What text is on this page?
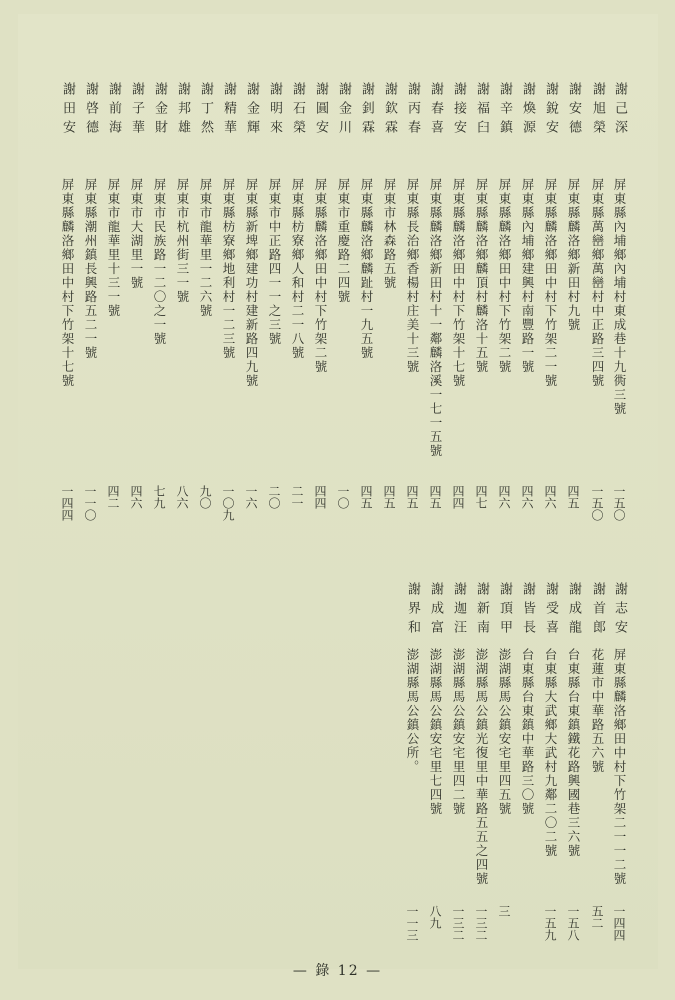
謝己深
屏東縣內埔鄉內埔村東成巷十九衖三號
一五〇
謝旭榮
屏東縣萬巒鄉萬巒村中正路三四號
一五〇
謝安德
屏東縣麟洛鄉新田村九號
四五
謝銳安
屏東縣麟洛鄉田中村下竹架二一號
四六
謝煥源
屏東縣內埔鄉建興村南豐路一號
四六
謝辛鎮
屏東縣麟洛鄉田中村下竹架二號
四六
謝福臼
屏東縣麟洛鄉麟頂村麟洛十五號
四七
謝接安
屏東縣麟洛鄉田中村下竹架十七號
四四
謝春喜
屏東縣麟洛鄉新田村十一鄰麟洛溪一七一五號
四五
謝丙春
屏東縣長治鄉香楊村庄美十三號
四五
謝欽霖
屏東市林森路五號
四五
謝釗霖
屏東縣麟洛鄉麟趾村一九五號
四五
謝金川
屏東市重慶路二四號
一〇
謝圓安
屏東縣麟洛鄉田中村下竹架二號
四四
謝石榮
屏東縣枋寮鄉人和村二一八號
二一
謝明來
屏東市中正路四一一之三號
二〇
謝金輝
屏東縣新埤鄉建功村建新路四九號
一六
謝精華
屏東縣枋寮鄉地利村一二三號
一〇九
謝丁然
屏東市龍華里一二六號
九〇
謝邦雄
屏東市杭州街三一號
八六
謝金財
屏東市民族路一二〇之一號
七九
謝子華
屏東市大湖里一號
四六
謝前海
屏東市龍華里十三一號
四二
謝啓德
屏東縣潮州鎮長興路五二一號
一一〇
謝田安
屏東縣麟洛鄉田中村下竹架十七號
一四四
謝志安
屏東縣麟洛鄉田中村下竹架二一一二號
一四四
謝首郎
花蓮市中華路五六號
五二
謝成龍
台東縣台東鎮鐵花路興國巷三六號
一五八
謝受喜
台東縣大武鄉大武村九鄰二〇二號
一五九
謝皆長
台東縣台東鎮中華路三〇號
謝頂甲
澎湖縣馬公鎮安宅里四五號
三
謝新南
澎湖縣馬公鎮光復里中華路五五之四號
一三二
謝迦汪
澎湖縣馬公鎮安宅里四二號
一三二
謝成富
澎湖縣馬公鎮安宅里七四號
八九
謝界和
澎湖縣馬公鎮公所。
一一三
— 錄 12 —
